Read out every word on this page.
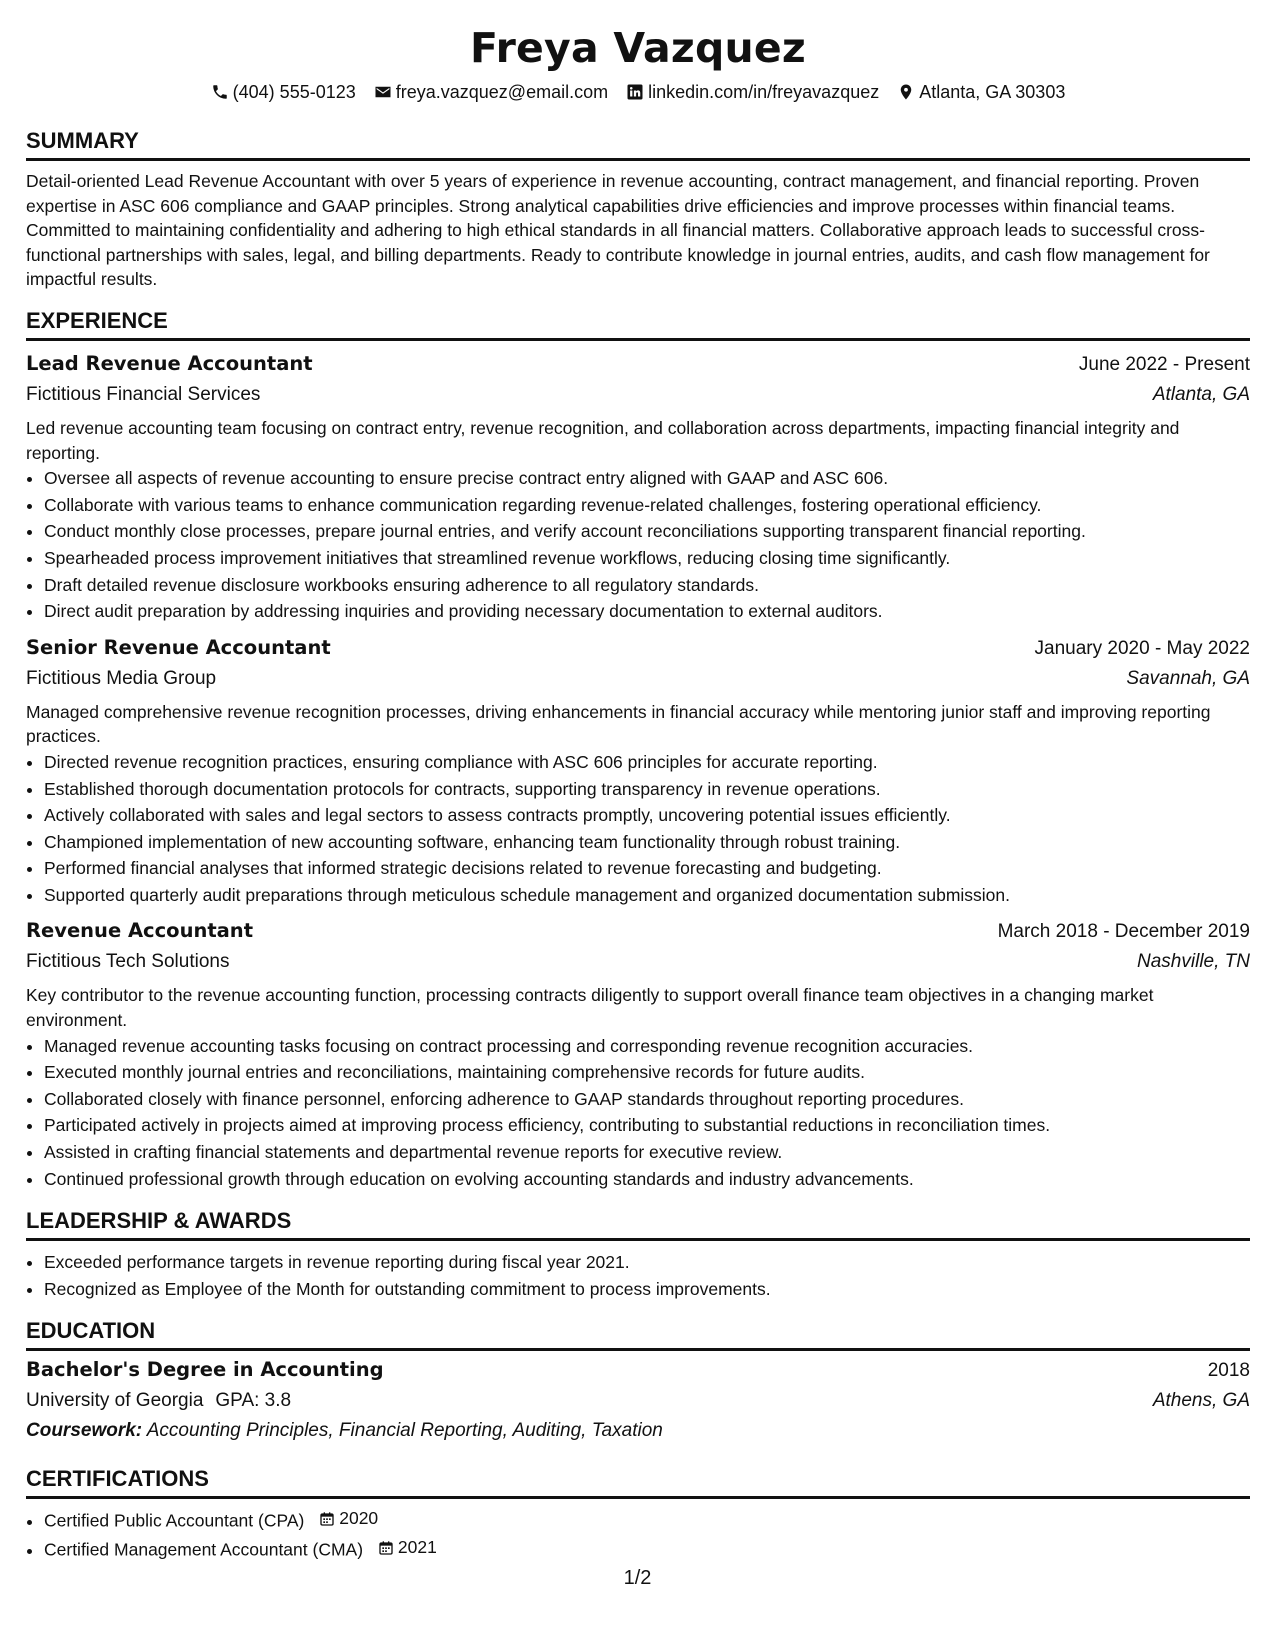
Freya Vazquez
(404) 555-0123 freya.vazquez@email.com linkedin.com/in/freyavazquez Atlanta, GA 30303
SUMMARY
Detail-oriented Lead Revenue Accountant with over 5 years of experience in revenue accounting, contract management, and financial reporting. Proven expertise in ASC 606 compliance and GAAP principles. Strong analytical capabilities drive efficiencies and improve processes within financial teams. Committed to maintaining confidentiality and adhering to high ethical standards in all financial matters. Collaborative approach leads to successful cross-functional partnerships with sales, legal, and billing departments. Ready to contribute knowledge in journal entries, audits, and cash flow management for impactful results.
EXPERIENCE
Lead Revenue Accountant	June 2022 - Present
Fictitious Financial Services	Atlanta, GA
Led revenue accounting team focusing on contract entry, revenue recognition, and collaboration across departments, impacting financial integrity and reporting.
• Oversee all aspects of revenue accounting to ensure precise contract entry aligned with GAAP and ASC 606.
• Collaborate with various teams to enhance communication regarding revenue-related challenges, fostering operational efficiency.
• Conduct monthly close processes, prepare journal entries, and verify account reconciliations supporting transparent financial reporting.
• Spearheaded process improvement initiatives that streamlined revenue workflows, reducing closing time significantly.
• Draft detailed revenue disclosure workbooks ensuring adherence to all regulatory standards.
• Direct audit preparation by addressing inquiries and providing necessary documentation to external auditors.
Senior Revenue Accountant	January 2020 - May 2022
Fictitious Media Group	Savannah, GA
Managed comprehensive revenue recognition processes, driving enhancements in financial accuracy while mentoring junior staff and improving reporting practices.
• Directed revenue recognition practices, ensuring compliance with ASC 606 principles for accurate reporting.
• Established thorough documentation protocols for contracts, supporting transparency in revenue operations.
• Actively collaborated with sales and legal sectors to assess contracts promptly, uncovering potential issues efficiently.
• Championed implementation of new accounting software, enhancing team functionality through robust training.
• Performed financial analyses that informed strategic decisions related to revenue forecasting and budgeting.
• Supported quarterly audit preparations through meticulous schedule management and organized documentation submission.
Revenue Accountant	March 2018 - December 2019
Fictitious Tech Solutions	Nashville, TN
Key contributor to the revenue accounting function, processing contracts diligently to support overall finance team objectives in a changing market environment.
• Managed revenue accounting tasks focusing on contract processing and corresponding revenue recognition accuracies.
• Executed monthly journal entries and reconciliations, maintaining comprehensive records for future audits.
• Collaborated closely with finance personnel, enforcing adherence to GAAP standards throughout reporting procedures.
• Participated actively in projects aimed at improving process efficiency, contributing to substantial reductions in reconciliation times.
• Assisted in crafting financial statements and departmental revenue reports for executive review.
• Continued professional growth through education on evolving accounting standards and industry advancements.
LEADERSHIP & AWARDS
• Exceeded performance targets in revenue reporting during fiscal year 2021.
• Recognized as Employee of the Month for outstanding commitment to process improvements.
EDUCATION
Bachelor's Degree in Accounting	2018
University of Georgia GPA: 3.8	Athens, GA
Coursework: Accounting Principles, Financial Reporting, Auditing, Taxation
CERTIFICATIONS
• Certified Public Accountant (CPA) 2020
• Certified Management Accountant (CMA) 2021
1/2
